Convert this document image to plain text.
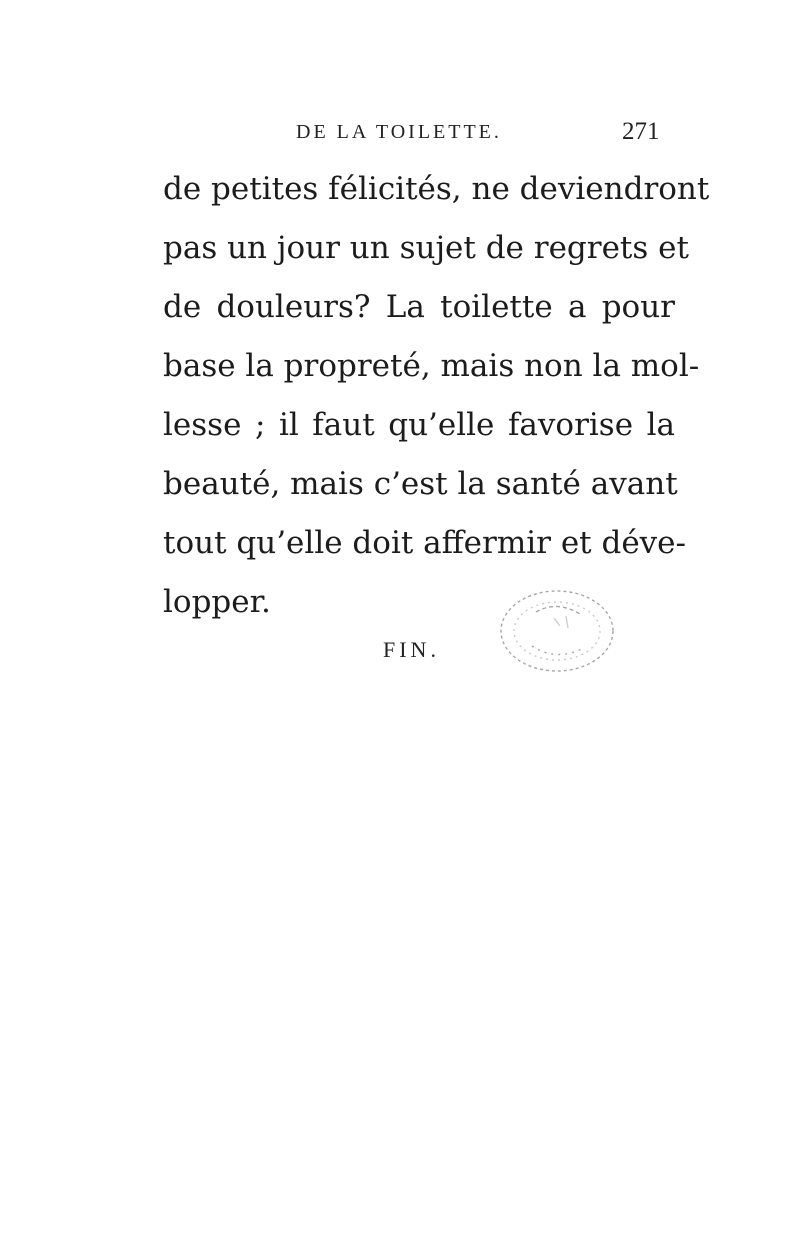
DE LA TOILETTE.	271
de petites félicités, ne deviendront
pas un jour un sujet de regrets et
de douleurs? La toilette a pour
base la propreté, mais non la mol-
lesse ; il faut qu’elle favorise la
beauté, mais c’est la santé avant
tout qu’elle doit affermir et déve-
lopper.
FIN.
